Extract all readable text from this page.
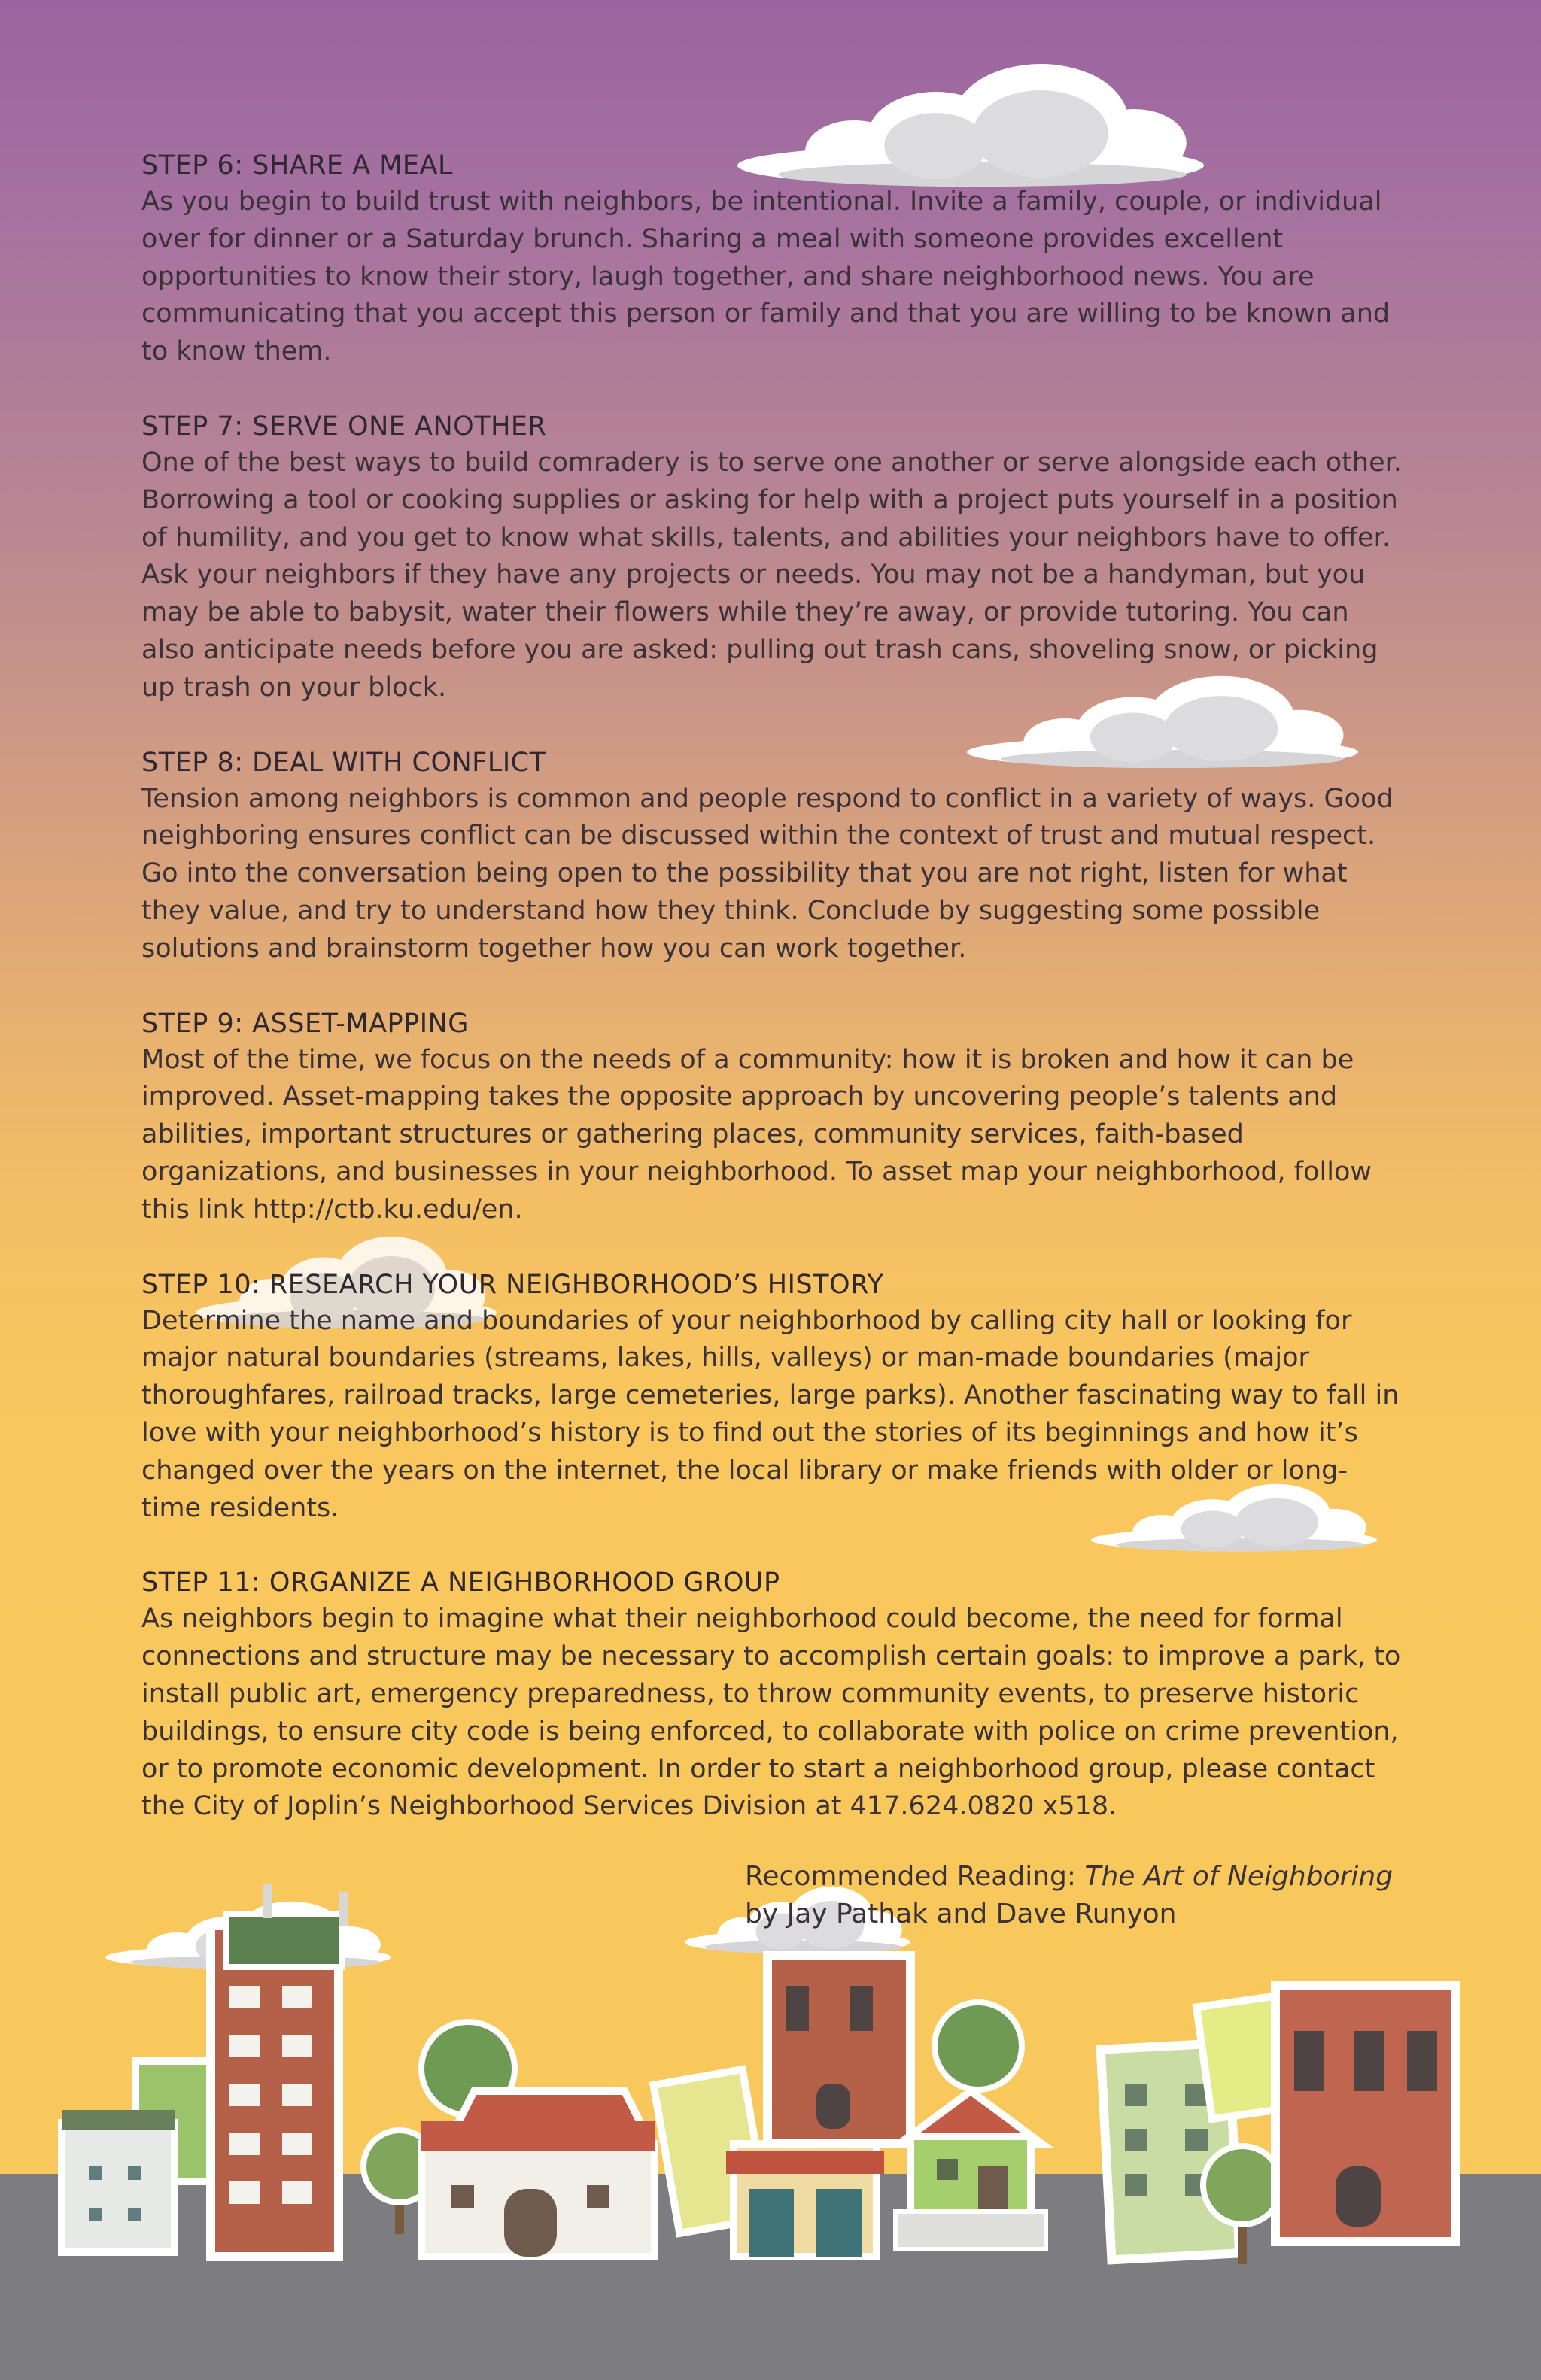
STEP 6: SHARE A MEAL

As you begin to build trust with neighbors, be intentional. Invite a family, couple, or individual over for dinner or a Saturday brunch. Sharing a meal with someone provides excellent opportunities to know their story, laugh together, and share neighborhood news. You are communicating that you accept this person or family and that you are willing to be known and to know them.

STEP 7: SERVE ONE ANOTHER

One of the best ways to build comradery is to serve one another or serve alongside each other. Borrowing a tool or cooking supplies or asking for help with a project puts yourself in a position of humility, and you get to know what skills, talents, and abilities your neighbors have to offer. Ask your neighbors if they have any projects or needs. You may not be a handyman, but you may be able to babysit, water their flowers while they’re away, or provide tutoring. You can also anticipate needs before you are asked: pulling out trash cans, shoveling snow, or picking up trash on your block.

STEP 8: DEAL WITH CONFLICT

Tension among neighbors is common and people respond to conflict in a variety of ways. Good neighboring ensures conflict can be discussed within the context of trust and mutual respect. Go into the conversation being open to the possibility that you are not right, listen for what they value, and try to understand how they think. Conclude by suggesting some possible solutions and brainstorm together how you can work together.

STEP 9: ASSET-MAPPING

Most of the time, we focus on the needs of a community: how it is broken and how it can be improved. Asset-mapping takes the opposite approach by uncovering people’s talents and abilities, important structures or gathering places, community services, faith-based organizations, and businesses in your neighborhood. To asset map your neighborhood, follow this link http://ctb.ku.edu/en.

STEP 10: RESEARCH YOUR NEIGHBORHOOD’S HISTORY

Determine the name and boundaries of your neighborhood by calling city hall or looking for major natural boundaries (streams, lakes, hills, valleys) or man-made boundaries (major thoroughfares, railroad tracks, large cemeteries, large parks). Another fascinating way to fall in love with your neighborhood’s history is to find out the stories of its beginnings and how it’s changed over the years on the internet, the local library or make friends with older or long-time residents.

STEP 11: ORGANIZE A NEIGHBORHOOD GROUP

As neighbors begin to imagine what their neighborhood could become, the need for formal connections and structure may be necessary to accomplish certain goals: to improve a park, to install public art, emergency preparedness, to throw community events, to preserve historic buildings, to ensure city code is being enforced, to collaborate with police on crime prevention, or to promote economic development. In order to start a neighborhood group, please contact the City of Joplin’s Neighborhood Services Division at 417.624.0820 x518.

Recommended Reading: The Art of Neighboring
by Jay Pathak and Dave Runyon
